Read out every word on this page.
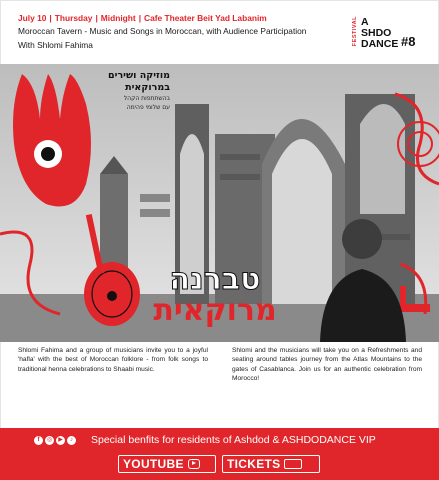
July 10 | Thursday | Midnight | Cafe Theater Beit Yad Labanim
Moroccan Tavern - Music and Songs in Moroccan, with Audience Participation
With Shlomi Fahima	FESTIVAL A
SHDO
DANCE #8
מוזיקה ושירים
במרוקאית
בהשתתפות הקהל
עם שלומי פהימה
טברנה
מרוקאית
Shlomi Fahima and a group of musicians invite you to a joyful 'hafla' with the best of Moroccan folklore - from folk songs to traditional henna celebrations to Shaabi music.
Shlomi and the musicians will take you on a Refreshments and seating around tables journey from the Atlas Mountains to the gates of Casablanca. Join us for an authentic celebration from Morocco!
f	◎	▶	♪ Special benfits for residents of Ashdod & ASHDODANCE VIP
YOUTUBE	TICKETS
